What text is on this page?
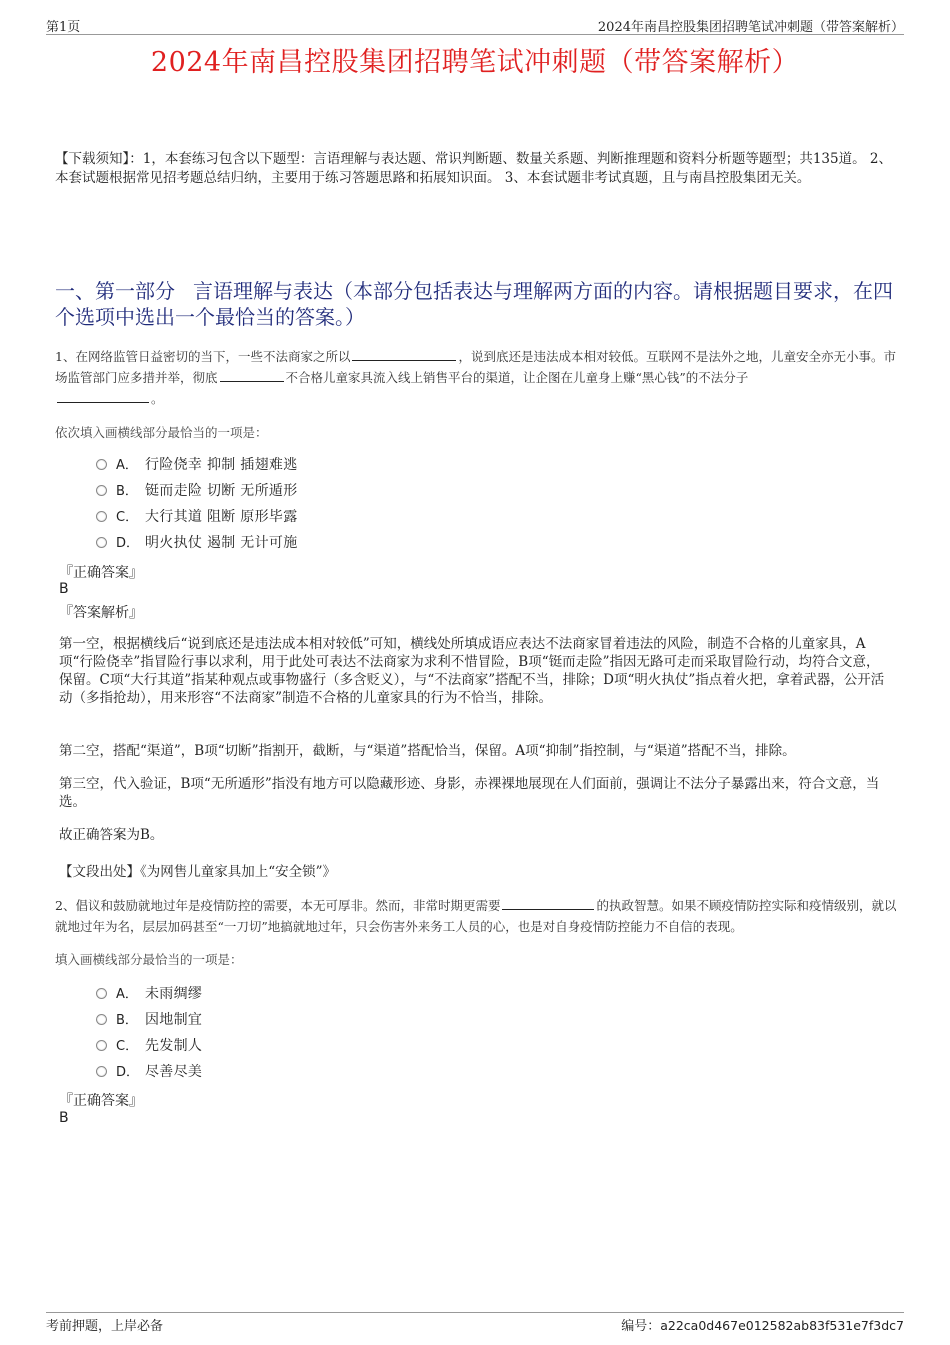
第1页	2024年南昌控股集团招聘笔试冲刺题（带答案解析）
2024年南昌控股集团招聘笔试冲刺题（带答案解析）
【下载须知】：1，本套练习包含以下题型：言语理解与表达题、常识判断题、数量关系题、判断推理题和资料分析题等题型；共135道。 2、本套试题根据常见招考题总结归纳，主要用于练习答题思路和拓展知识面。 3、本套试题非考试真题，且与南昌控股集团无关。
一、第一部分 言语理解与表达（本部分包括表达与理解两方面的内容。请根据题目要求，在四个选项中选出一个最恰当的答案。）
1、在网络监管日益密切的当下，一些不法商家之所以	，说到底还是违法成本相对较低。互联网不是法外之地，儿童安全亦无小事。市场监管部门应多措并举，彻底	不合格儿童家具流入线上销售平台的渠道，让企图在儿童身上赚“黑心钱”的不法分子
。
依次填入画横线部分最恰当的一项是：
A． 行险侥幸 抑制 插翅难逃
B． 铤而走险 切断 无所遁形
C． 大行其道 阻断 原形毕露
D． 明火执仗 遏制 无计可施
『正确答案』
B
『答案解析』
第一空，根据横线后“说到底还是违法成本相对较低”可知，横线处所填成语应表达不法商家冒着违法的风险，制造不合格的儿童家具，A项“行险侥幸”指冒险行事以求利，用于此处可表达不法商家为求利不惜冒险，B项“铤而走险”指因无路可走而采取冒险行动，均符合文意，保留。C项“大行其道”指某种观点或事物盛行（多含贬义），与“不法商家”搭配不当，排除；D项“明火执仗”指点着火把，拿着武器，公开活动（多指抢劫），用来形容“不法商家”制造不合格的儿童家具的行为不恰当，排除。
第二空，搭配“渠道”，B项“切断”指割开，截断，与“渠道”搭配恰当，保留。A项“抑制”指控制，与“渠道”搭配不当，排除。
第三空，代入验证，B项“无所遁形”指没有地方可以隐藏形迹、身影，赤裸裸地展现在人们面前，强调让不法分子暴露出来，符合文意，当选。
故正确答案为B。
【文段出处】《为网售儿童家具加上“安全锁”》
2、倡议和鼓励就地过年是疫情防控的需要，本无可厚非。然而，非常时期更需要	的执政智慧。如果不顾疫情防控实际和疫情级别，就以就地过年为名，层层加码甚至“一刀切”地搞就地过年，只会伤害外来务工人员的心，也是对自身疫情防控能力不自信的表现。
填入画横线部分最恰当的一项是：
A． 未雨绸缪
B． 因地制宜
C． 先发制人
D． 尽善尽美
『正确答案』
B
考前押题，上岸必备	编号：a22ca0d467e012582ab83f531e7f3dc7
